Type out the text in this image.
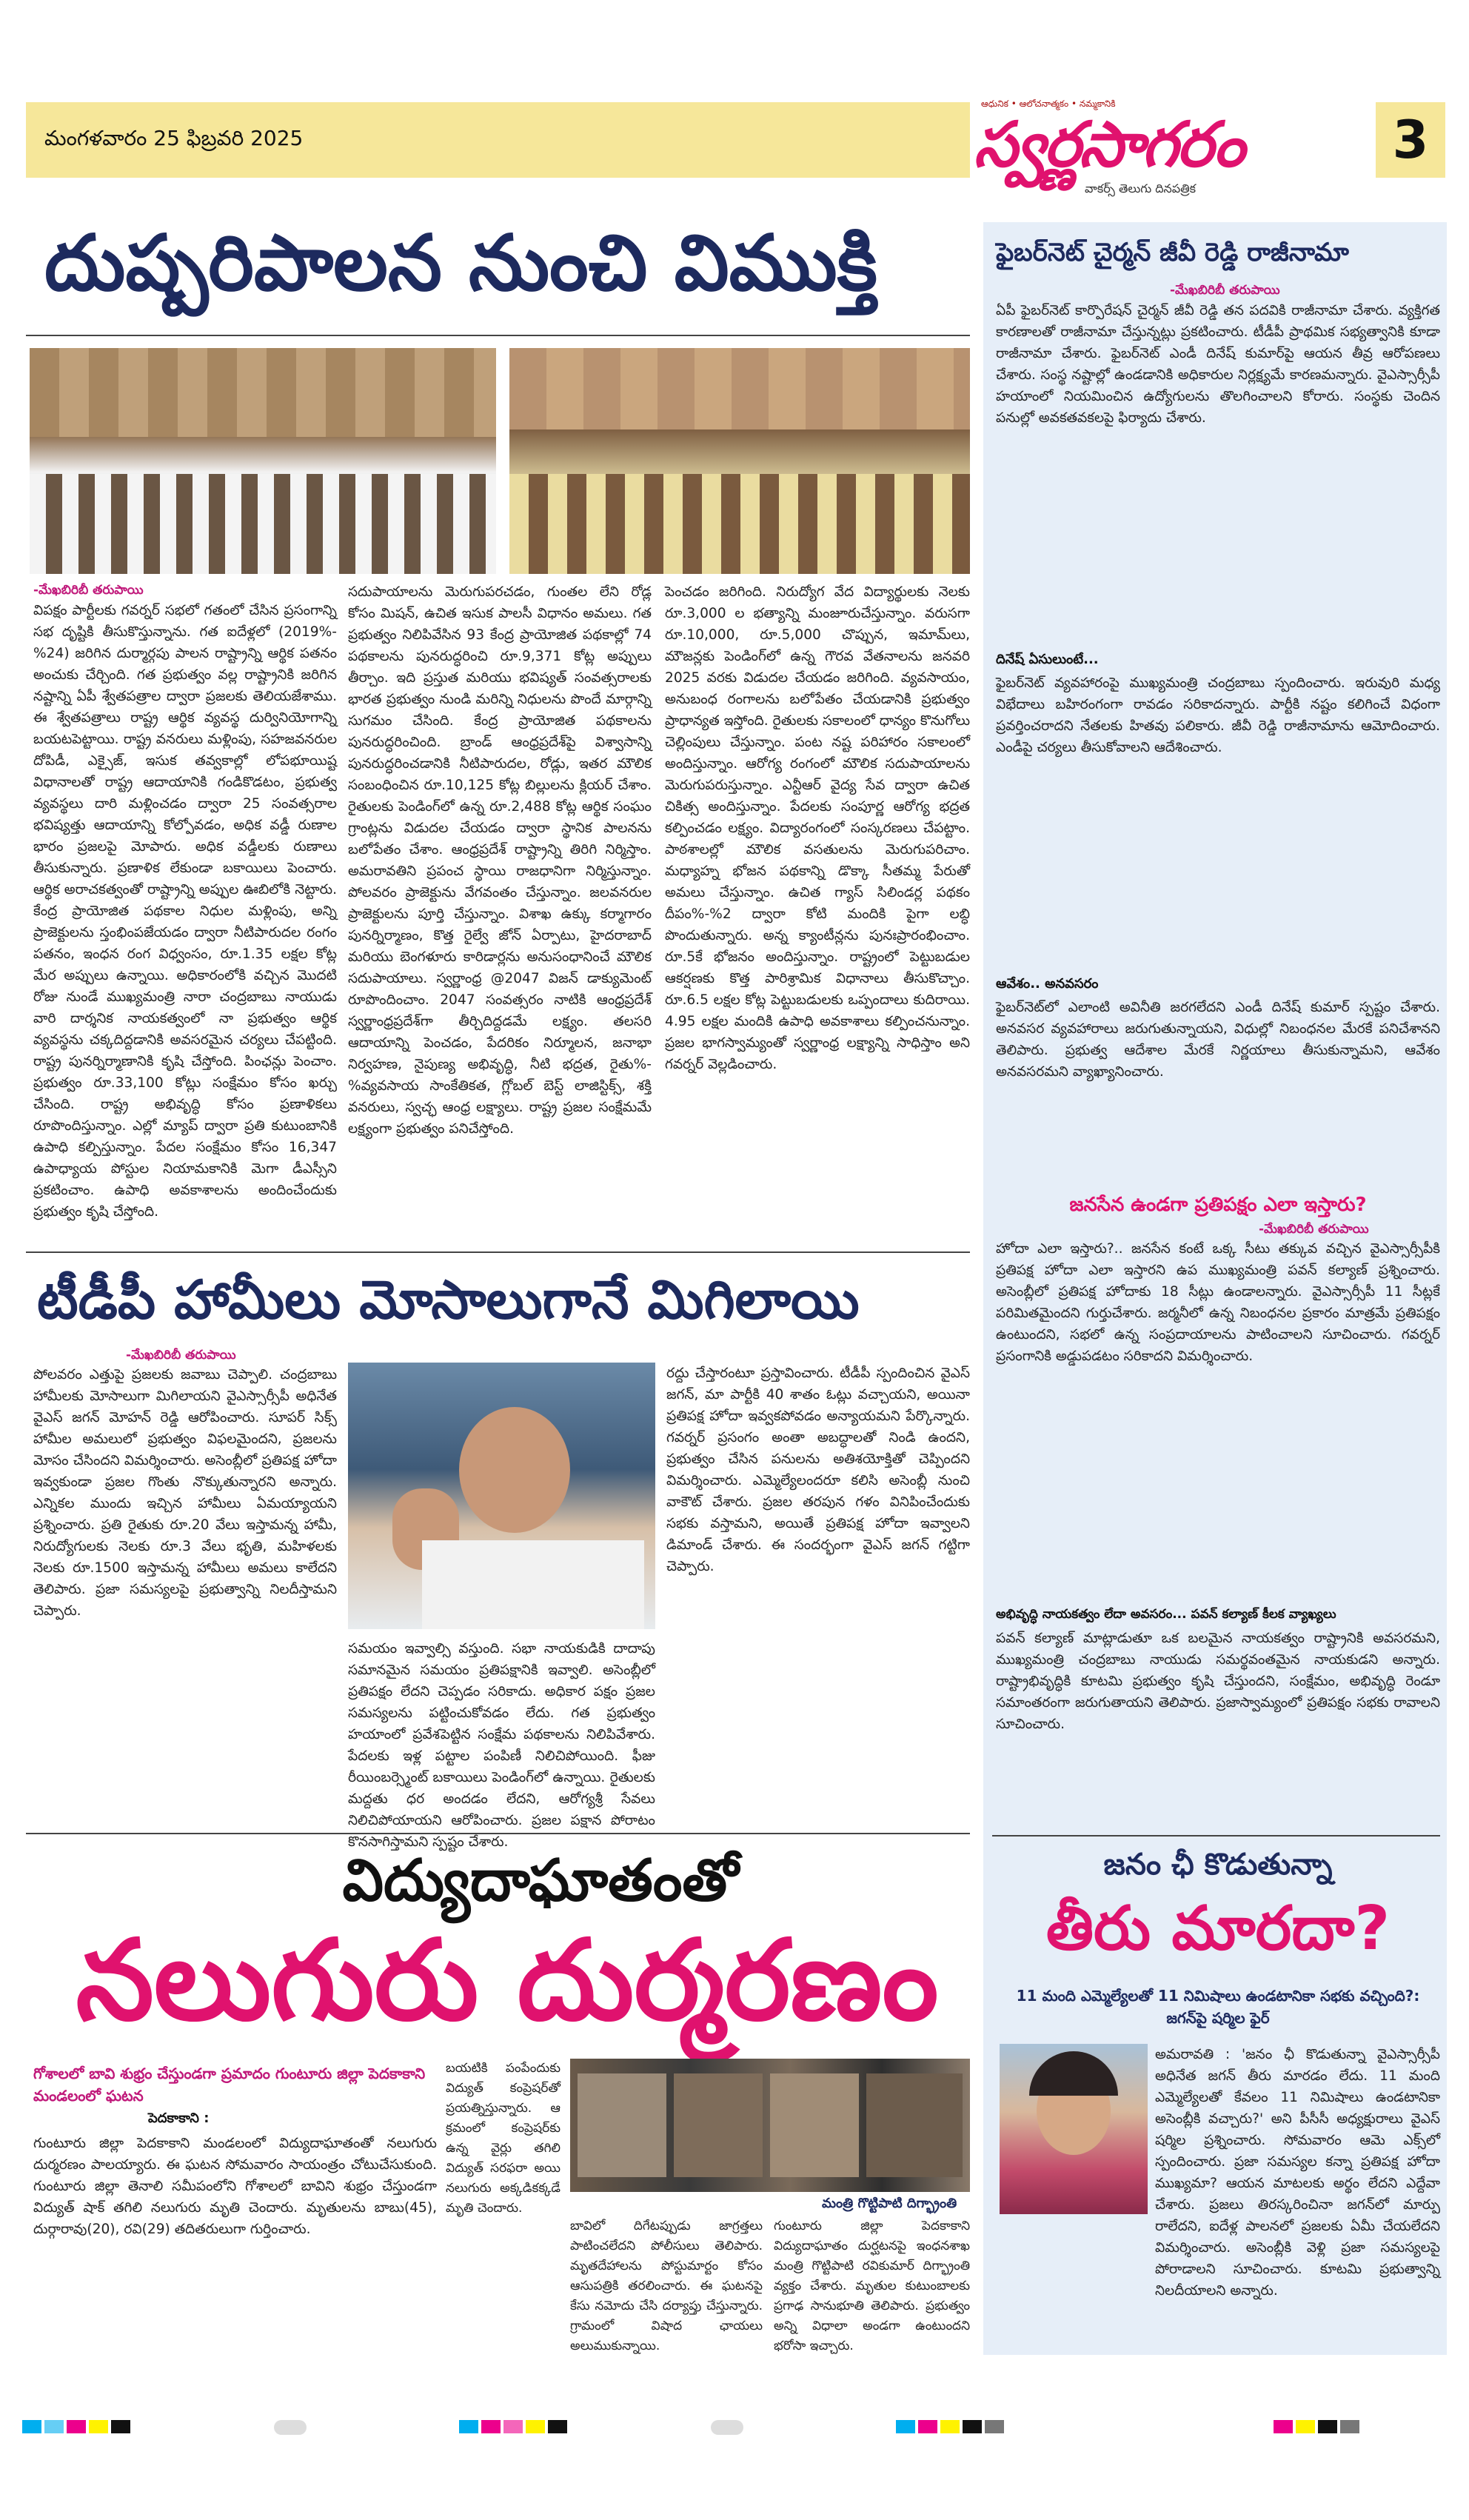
మంగళవారం 25 ఫిబ్రవరి 2025	స్వర్ణసాగరం
వాకర్స్ తెలుగు దినపత్రిక
ఆధునిక • ఆలోచనాత్మకం • నమ్మకానికి
3
దుష్పరిపాలన నుంచి విముక్తి
-మేఖబిరిబీ తరుపాయి
విపక్షం పార్టీలకు గవర్నర్ సభలో గతంలో చేసిన ప్రసంగాన్ని సభ దృష్టికి తీసుకొస్తున్నాను. గత ఐదేళ్లలో (2019%-%24) జరిగిన దుర్మార్గపు పాలన రాష్ట్రాన్ని ఆర్థిక పతనం అంచుకు చేర్చింది. గత ప్రభుత్వం వల్ల రాష్ట్రానికి జరిగిన నష్టాన్ని ఏపీ శ్వేతపత్రాల ద్వారా ప్రజలకు తెలియజేశాము. ఈ శ్వేతపత్రాలు రాష్ట్ర ఆర్థిక వ్యవస్థ దుర్వినియోగాన్ని బయటపెట్టాయి. రాష్ట్ర వనరులు మళ్లింపు, సహజవనరుల దోపిడీ, ఎక్సైజ్, ఇసుక తవ్వకాల్లో లోపభూయిష్ట విధానాలతో రాష్ట్ర ఆదాయానికి గండికొడటం, ప్రభుత్వ వ్యవస్థలు దారి మళ్లించడం ద్వారా 25 సంవత్సరాల భవిష్యత్తు ఆదాయాన్ని కోల్పోవడం, అధిక వడ్డీ రుణాల భారం ప్రజలపై మోపారు. అధిక వడ్డీలకు రుణాలు తీసుకున్నారు. ప్రణాళిక లేకుండా బకాయిలు పెంచారు. ఆర్థిక అరాచకత్వంతో రాష్ట్రాన్ని అప్పుల ఊబిలోకి నెట్టారు. కేంద్ర ప్రాయోజిత పథకాల నిధుల మళ్లింపు, అన్ని ప్రాజెక్టులను స్తంభింపజేయడం ద్వారా నీటిపారుదల రంగం పతనం, ఇంధన రంగ విధ్వంసం, రూ.1.35 లక్షల కోట్ల మేర అప్పులు ఉన్నాయి. అధికారంలోకి వచ్చిన మొదటి రోజు నుండే ముఖ్యమంత్రి నారా చంద్రబాబు నాయుడు వారి దార్శనిక నాయకత్వంలో నా ప్రభుత్వం ఆర్థిక వ్యవస్థను చక్కదిద్దడానికి అవసరమైన చర్యలు చేపట్టింది. రాష్ట్ర పునర్నిర్మాణానికి కృషి చేస్తోంది. పింఛన్లు పెంచాం. ప్రభుత్వం రూ.33,100 కోట్లు సంక్షేమం కోసం ఖర్చు చేసింది. రాష్ట్ర అభివృద్ధి కోసం ప్రణాళికలు రూపొందిస్తున్నాం. ఎల్లో మ్యాప్ ద్వారా ప్రతి కుటుంబానికి ఉపాధి కల్పిస్తున్నాం. పేదల సంక్షేమం కోసం 16,347 ఉపాధ్యాయ పోస్టుల నియామకానికి మెగా డీఎస్సీని ప్రకటించాం. ఉపాధి అవకాశాలను అందించేందుకు ప్రభుత్వం కృషి చేస్తోంది.
సదుపాయాలను మెరుగుపరచడం, గుంతల లేని రోడ్ల కోసం మిషన్, ఉచిత ఇసుక పాలసీ విధానం అమలు. గత ప్రభుత్వం నిలిపివేసిన 93 కేంద్ర ప్రాయోజిత పథకాల్లో 74 పథకాలను పునరుద్ధరించి రూ.9,371 కోట్ల అప్పులు తీర్చాం. ఇది ప్రస్తుత మరియు భవిష్యత్ సంవత్సరాలకు భారత ప్రభుత్వం నుండి మరిన్ని నిధులను పొందే మార్గాన్ని సుగమం చేసింది. కేంద్ర ప్రాయోజిత పథకాలను పునరుద్ధరించింది. బ్రాండ్ ఆంధ్రప్రదేశ్‌పై విశ్వాసాన్ని పునరుద్ధరించడానికి నీటిపారుదల, రోడ్లు, ఇతర మౌలిక సంబంధించిన రూ.10,125 కోట్ల బిల్లులను క్లియర్ చేశాం. రైతులకు పెండింగ్‌లో ఉన్న రూ.2,488 కోట్ల ఆర్థిక సంఘం గ్రాంట్లను విడుదల చేయడం ద్వారా స్థానిక పాలనను బలోపేతం చేశాం. ఆంధ్రప్రదేశ్ రాష్ట్రాన్ని తిరిగి నిర్మిస్తాం. అమరావతిని ప్రపంచ స్థాయి రాజధానిగా నిర్మిస్తున్నాం. పోలవరం ప్రాజెక్టును వేగవంతం చేస్తున్నాం. జలవనరుల ప్రాజెక్టులను పూర్తి చేస్తున్నాం. విశాఖ ఉక్కు కర్మాగారం పునర్నిర్మాణం, కొత్త రైల్వే జోన్ ఏర్పాటు, హైదరాబాద్ మరియు బెంగళూరు కారిడార్లను అనుసంధానించే మౌలిక సదుపాయాలు. స్వర్ణాంధ్ర @2047 విజన్ డాక్యుమెంట్ రూపొందించాం. 2047 సంవత్సరం నాటికి ఆంధ్రప్రదేశ్ స్వర్ణాంధ్రప్రదేశ్‌గా తీర్చిదిద్దడమే లక్ష్యం. తలసరి ఆదాయాన్ని పెంచడం, పేదరికం నిర్మూలన, జనాభా నిర్వహణ, నైపుణ్య అభివృద్ధి, నీటి భద్రత, రైతు%-%వ్యవసాయ సాంకేతికత, గ్లోబల్ బెస్ట్ లాజిస్టిక్స్, శక్తి వనరులు, స్వచ్ఛ ఆంధ్ర లక్ష్యాలు. రాష్ట్ర ప్రజల సంక్షేమమే లక్ష్యంగా ప్రభుత్వం పనిచేస్తోంది.
పెంచడం జరిగింది. నిరుద్యోగ వేద విద్యార్థులకు నెలకు రూ.3,000 ల భత్యాన్ని మంజూరుచేస్తున్నాం. వరుసగా రూ.10,000, రూ.5,000 చొప్పున, ఇమామ్‌లు, మౌజన్లకు పెండింగ్‌లో ఉన్న గౌరవ వేతనాలను జనవరి 2025 వరకు విడుదల చేయడం జరిగింది. వ్యవసాయం, అనుబంధ రంగాలను బలోపేతం చేయడానికి ప్రభుత్వం ప్రాధాన్యత ఇస్తోంది. రైతులకు సకాలంలో ధాన్యం కొనుగోలు చెల్లింపులు చేస్తున్నాం. పంట నష్ట పరిహారం సకాలంలో అందిస్తున్నాం. ఆరోగ్య రంగంలో మౌలిక సదుపాయాలను మెరుగుపరుస్తున్నాం. ఎన్టీఆర్ వైద్య సేవ ద్వారా ఉచిత చికిత్స అందిస్తున్నాం. పేదలకు సంపూర్ణ ఆరోగ్య భద్రత కల్పించడం లక్ష్యం. విద్యారంగంలో సంస్కరణలు చేపట్టాం. పాఠశాలల్లో మౌలిక వసతులను మెరుగుపరిచాం. మధ్యాహ్న భోజన పథకాన్ని డొక్కా సీతమ్మ పేరుతో అమలు చేస్తున్నాం. ఉచిత గ్యాస్ సిలిండర్ల పథకం దీపం%-%2 ద్వారా కోటి మందికి పైగా లబ్ధి పొందుతున్నారు. అన్న క్యాంటీన్లను పునఃప్రారంభించాం. రూ.5కే భోజనం అందిస్తున్నాం. రాష్ట్రంలో పెట్టుబడుల ఆకర్షణకు కొత్త పారిశ్రామిక విధానాలు తీసుకొచ్చాం. రూ.6.5 లక్షల కోట్ల పెట్టుబడులకు ఒప్పందాలు కుదిరాయి. 4.95 లక్షల మందికి ఉపాధి అవకాశాలు కల్పించనున్నాం. ప్రజల భాగస్వామ్యంతో స్వర్ణాంధ్ర లక్ష్యాన్ని సాధిస్తాం అని గవర్నర్ వెల్లడించారు.
టీడీపీ హామీలు మోసాలుగానే మిగిలాయి
-మేఖబిరిబీ తరుపాయి
పోలవరం ఎత్తుపై ప్రజలకు జవాబు చెప్పాలి. చంద్రబాబు హామీలకు మోసాలుగా మిగిలాయని వైఎస్సార్సీపీ అధినేత వైఎస్ జగన్ మోహన్ రెడ్డి ఆరోపించారు. సూపర్ సిక్స్ హామీల అమలులో ప్రభుత్వం విఫలమైందని, ప్రజలను మోసం చేసిందని విమర్శించారు. అసెంబ్లీలో ప్రతిపక్ష హోదా ఇవ్వకుండా ప్రజల గొంతు నొక్కుతున్నారని అన్నారు. ఎన్నికల ముందు ఇచ్చిన హామీలు ఏమయ్యాయని ప్రశ్నించారు. ప్రతి రైతుకు రూ.20 వేలు ఇస్తామన్న హామీ, నిరుద్యోగులకు నెలకు రూ.3 వేలు భృతి, మహిళలకు నెలకు రూ.1500 ఇస్తామన్న హామీలు అమలు కాలేదని తెలిపారు. ప్రజా సమస్యలపై ప్రభుత్వాన్ని నిలదీస్తామని చెప్పారు.
సమయం ఇవ్వాల్సి వస్తుంది. సభా నాయకుడికి దాదాపు సమానమైన సమయం ప్రతిపక్షానికి ఇవ్వాలి. అసెంబ్లీలో ప్రతిపక్షం లేదని చెప్పడం సరికాదు. అధికార పక్షం ప్రజల సమస్యలను పట్టించుకోవడం లేదు. గత ప్రభుత్వం హయాంలో ప్రవేశపెట్టిన సంక్షేమ పథకాలను నిలిపివేశారు. పేదలకు ఇళ్ల పట్టాల పంపిణీ నిలిచిపోయింది. ఫీజు రీయింబర్స్మెంట్ బకాయిలు పెండింగ్‌లో ఉన్నాయి. రైతులకు మద్దతు ధర అందడం లేదని, ఆరోగ్యశ్రీ సేవలు నిలిచిపోయాయని ఆరోపించారు. ప్రజల పక్షాన పోరాటం కొనసాగిస్తామని స్పష్టం చేశారు.
రద్దు చేస్తారంటూ ప్రస్తావించారు. టీడీపీ స్పందించిన వైఎస్ జగన్, మా పార్టీకి 40 శాతం ఓట్లు వచ్చాయని, అయినా ప్రతిపక్ష హోదా ఇవ్వకపోవడం అన్యాయమని పేర్కొన్నారు. గవర్నర్ ప్రసంగం అంతా అబద్ధాలతో నిండి ఉందని, ప్రభుత్వం చేసిన పనులను అతిశయోక్తితో చెప్పిందని విమర్శించారు. ఎమ్మెల్యేలందరూ కలిసి అసెంబ్లీ నుంచి వాకౌట్ చేశారు. ప్రజల తరపున గళం వినిపించేందుకు సభకు వస్తామని, అయితే ప్రతిపక్ష హోదా ఇవ్వాలని డిమాండ్ చేశారు. ఈ సందర్భంగా వైఎస్ జగన్ గట్టిగా చెప్పారు.
విద్యుదాఘాతంతో
నలుగురు దుర్మరణం
గోశాలలో బావి శుభ్రం చేస్తుండగా ప్రమాదం గుంటూరు జిల్లా పెదకాకాని మండలంలో ఘటన
పెదకాకాని :
గుంటూరు జిల్లా పెదకాకాని మండలంలో విద్యుదాఘాతంతో నలుగురు దుర్మరణం పాలయ్యారు. ఈ ఘటన సోమవారం సాయంత్రం చోటుచేసుకుంది. గుంటూరు జిల్లా తెనాలి సమీపంలోని గోశాలలో బావిని శుభ్రం చేస్తుండగా విద్యుత్ షాక్ తగిలి నలుగురు మృతి చెందారు. మృతులను బాబు(45), దుర్గారావు(20), రవి(29) తదితరులుగా గుర్తించారు.
బయటికి పంపేందుకు విద్యుత్ కంప్రెషర్‌తో ప్రయత్నిస్తున్నారు. ఆ క్రమంలో కంప్రెషర్‌కు ఉన్న వైర్లు తగిలి విద్యుత్ సరఫరా అయి నలుగురు అక్కడికక్కడే మృతి చెందారు.	మంత్రి గొట్టిపాటి దిగ్భ్రాంతి
బావిలో దిగేటప్పుడు జాగ్రత్తలు పాటించలేదని పోలీసులు తెలిపారు. మృతదేహాలను పోస్టుమార్టం కోసం ఆసుపత్రికి తరలించారు. ఈ ఘటనపై కేసు నమోదు చేసి దర్యాప్తు చేస్తున్నారు. గ్రామంలో విషాద ఛాయలు అలుముకున్నాయి.
గుంటూరు జిల్లా పెదకాకాని విద్యుదాఘాతం దుర్ఘటనపై ఇంధనశాఖ మంత్రి గొట్టిపాటి రవికుమార్ దిగ్భ్రాంతి వ్యక్తం చేశారు. మృతుల కుటుంబాలకు ప్రగాఢ సానుభూతి తెలిపారు. ప్రభుత్వం అన్ని విధాలా అండగా ఉంటుందని భరోసా ఇచ్చారు.
ఫైబర్‌నెట్ చైర్మన్ జీవీ రెడ్డి రాజీనామా
-మేఖబిరిబీ తరుపాయి
ఏపీ ఫైబర్‌నెట్ కార్పొరేషన్ చైర్మన్ జీవీ రెడ్డి తన పదవికి రాజీనామా చేశారు. వ్యక్తిగత కారణాలతో రాజీనామా చేస్తున్నట్లు ప్రకటించారు. టీడీపీ ప్రాథమిక సభ్యత్వానికి కూడా రాజీనామా చేశారు. ఫైబర్‌నెట్ ఎండీ దినేష్ కుమార్‌పై ఆయన తీవ్ర ఆరోపణలు చేశారు. సంస్థ నష్టాల్లో ఉండడానికి అధికారుల నిర్లక్ష్యమే కారణమన్నారు. వైఎస్సార్సీపీ హయాంలో నియమించిన ఉద్యోగులను తొలగించాలని కోరారు. సంస్థకు చెందిన పనుల్లో అవకతవకలపై ఫిర్యాదు చేశారు.
దినేష్ ఏసులుంటే...
ఫైబర్‌నెట్ వ్యవహారంపై ముఖ్యమంత్రి చంద్రబాబు స్పందించారు. ఇరువురి మధ్య విభేదాలు బహిరంగంగా రావడం సరికాదన్నారు. పార్టీకి నష్టం కలిగించే విధంగా ప్రవర్తించరాదని నేతలకు హితవు పలికారు. జీవీ రెడ్డి రాజీనామాను ఆమోదించారు. ఎండీపై చర్యలు తీసుకోవాలని ఆదేశించారు.
ఆవేశం.. అనవసరం
ఫైబర్‌నెట్‌లో ఎలాంటి అవినీతి జరగలేదని ఎండీ దినేష్ కుమార్ స్పష్టం చేశారు. అనవసర వ్యవహారాలు జరుగుతున్నాయని, విధుల్లో నిబంధనల మేరకే పనిచేశానని తెలిపారు. ప్రభుత్వ ఆదేశాల మేరకే నిర్ణయాలు తీసుకున్నామని, ఆవేశం అనవసరమని వ్యాఖ్యానించారు.
జనసేన ఉండగా ప్రతిపక్షం ఎలా ఇస్తారు?
-మేఖబిరిబీ తరుపాయి
హోదా ఎలా ఇస్తారు?.. జనసేన కంటే ఒక్క సీటు తక్కువ వచ్చిన వైఎస్సార్సీపీకి ప్రతిపక్ష హోదా ఎలా ఇస్తారని ఉప ముఖ్యమంత్రి పవన్ కల్యాణ్ ప్రశ్నించారు. అసెంబ్లీలో ప్రతిపక్ష హోదాకు 18 సీట్లు ఉండాలన్నారు. వైఎస్సార్సీపీ 11 సీట్లకే పరిమితమైందని గుర్తుచేశారు. జర్మనీలో ఉన్న నిబంధనల ప్రకారం మాత్రమే ప్రతిపక్షం ఉంటుందని, సభలో ఉన్న సంప్రదాయాలను పాటించాలని సూచించారు. గవర్నర్ ప్రసంగానికి అడ్డుపడటం సరికాదని విమర్శించారు.
అభివృద్ధి నాయకత్వం లేదా అవసరం... పవన్ కల్యాణ్ కీలక వ్యాఖ్యలు
పవన్ కల్యాణ్ మాట్లాడుతూ ఒక బలమైన నాయకత్వం రాష్ట్రానికి అవసరమని, ముఖ్యమంత్రి చంద్రబాబు నాయుడు సమర్థవంతమైన నాయకుడని అన్నారు. రాష్ట్రాభివృద్ధికి కూటమి ప్రభుత్వం కృషి చేస్తుందని, సంక్షేమం, అభివృద్ధి రెండూ సమాంతరంగా జరుగుతాయని తెలిపారు. ప్రజాస్వామ్యంలో ప్రతిపక్షం సభకు రావాలని సూచించారు.
జనం ఛీ కొడుతున్నా
తీరు మారదా?
11 మంది ఎమ్మెల్యేలతో 11 నిమిషాలు ఉండటానికా సభకు వచ్చింది?: జగన్‌పై షర్మిల ఫైర్
అమరావతి : 'జనం ఛీ కొడుతున్నా వైఎస్సార్సీపీ అధినేత జగన్ తీరు మారడం లేదు. 11 మంది ఎమ్మెల్యేలతో కేవలం 11 నిమిషాలు ఉండటానికా అసెంబ్లీకి వచ్చారు?' అని పీసీసీ అధ్యక్షురాలు వైఎస్ షర్మిల ప్రశ్నించారు. సోమవారం ఆమె ఎక్స్‌లో స్పందించారు. ప్రజా సమస్యల కన్నా ప్రతిపక్ష హోదా ముఖ్యమా? ఆయన మాటలకు అర్థం లేదని ఎద్దేవా చేశారు. ప్రజలు తిరస్కరించినా జగన్‌లో మార్పు రాలేదని, ఐదేళ్ల పాలనలో ప్రజలకు ఏమీ చేయలేదని విమర్శించారు. అసెంబ్లీకి వెళ్లి ప్రజా సమస్యలపై పోరాడాలని సూచించారు. కూటమి ప్రభుత్వాన్ని నిలదీయాలని అన్నారు.
